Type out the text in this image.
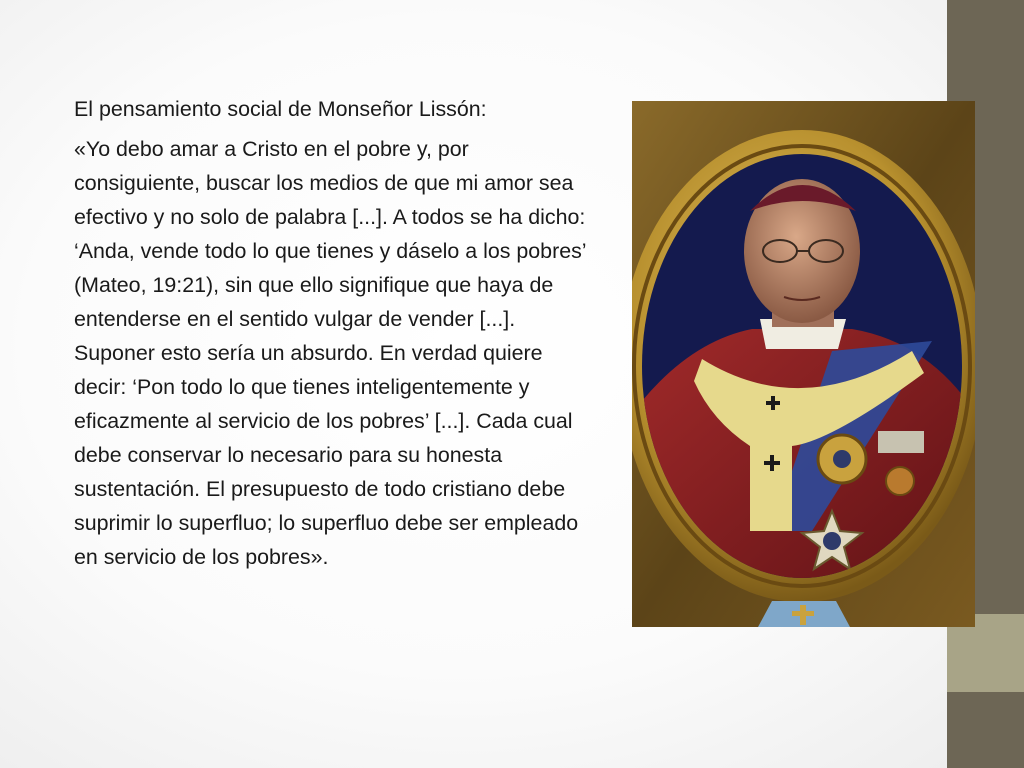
El pensamiento social de Monseñor Lissón:

«Yo debo amar a Cristo en el pobre y, por consiguiente, buscar los medios de que mi amor sea efectivo y no solo de palabra [...]. A todos se ha dicho: ‘Anda, vende todo lo que tienes y dáselo a los pobres’ (Mateo, 19:21), sin que ello signifique que haya de entenderse en el sentido vulgar de vender [...]. Suponer esto sería un absurdo. En verdad quiere decir: ‘Pon todo lo que tienes inteligentemente y eficazmente al servicio de los pobres’ [...]. Cada cual debe conservar lo necesario para su honesta sustentación. El presupuesto de todo cristiano debe suprimir lo superfluo; lo superfluo debe ser empleado en servicio de los pobres».
